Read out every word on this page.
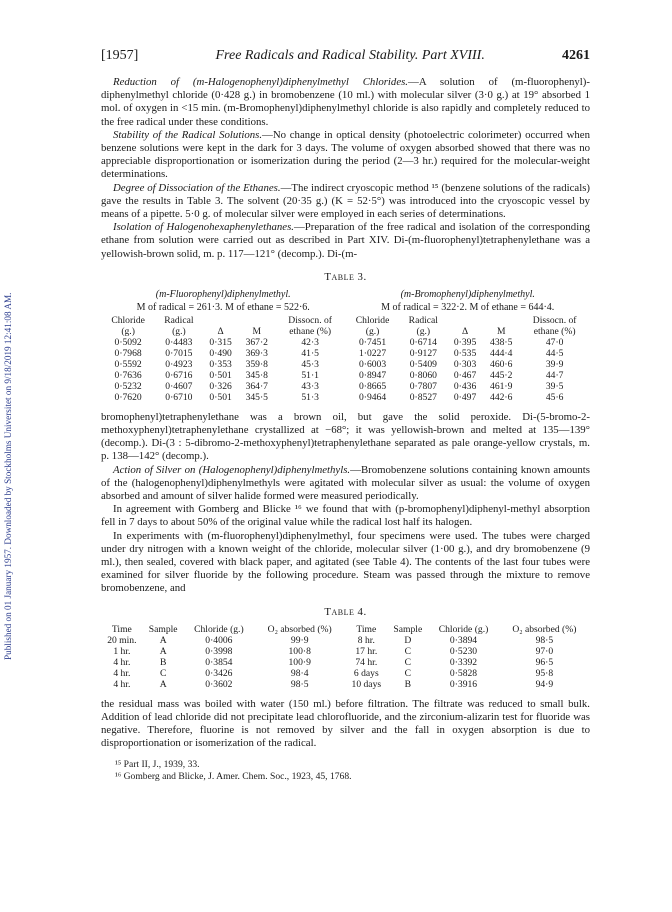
Published on 01 January 1957. Downloaded by Stockholms Universitet on 9/18/2019 12:41:08 AM.
[1957]	Free Radicals and Radical Stability. Part XVIII.	4261

Reduction of (m-Halogenophenyl)diphenylmethyl Chlorides.—A solution of (m-fluorophenyl)-diphenylmethyl chloride (0·428 g.) in bromobenzene (10 ml.) with molecular silver (3·0 g.) at 19° absorbed 1 mol. of oxygen in <15 min. (m-Bromophenyl)diphenylmethyl chloride is also rapidly and completely reduced to the free radical under these conditions.

Stability of the Radical Solutions.—No change in optical density (photoelectric colorimeter) occurred when benzene solutions were kept in the dark for 3 days. The volume of oxygen absorbed showed that there was no appreciable disproportionation or isomerization during the period (2—3 hr.) required for the molecular-weight determinations.

Degree of Dissociation of the Ethanes.—The indirect cryoscopic method ¹⁵ (benzene solutions of the radicals) gave the results in Table 3. The solvent (20·35 g.) (K = 52·5°) was introduced into the cryoscopic vessel by means of a pipette. 5·0 g. of molecular silver were employed in each series of determinations.

Isolation of Halogenohexaphenylethanes.—Preparation of the free radical and isolation of the corresponding ethane from solution were carried out as described in Part XIV. Di-(m-fluorophenyl)tetraphenylethane was a yellowish-brown solid, m. p. 117—121° (decomp.). Di-(m-

Table 3.
(m-Fluorophenyl)diphenylmethyl.					(m-Bromophenyl)diphenylmethyl.				
M of radical = 261·3. M of ethane = 522·6.					M of radical = 322·2. M of ethane = 644·4.				
Chloride	Radical			Dissocn. of	Chloride	Radical			Dissocn. of
(g.)	(g.)	Δ	M	ethane (%)	(g.)	(g.)	Δ	M	ethane (%)
0·5092	0·4483	0·315	367·2	42·3	0·7451	0·6714	0·395	438·5	47·0
0·7968	0·7015	0·490	369·3	41·5	1·0227	0·9127	0·535	444·4	44·5
0·5592	0·4923	0·353	359·8	45·3	0·6003	0·5409	0·303	460·6	39·9
0·7636	0·6716	0·501	345·8	51·1	0·8947	0·8060	0·467	445·2	44·7
0·5232	0·4607	0·326	364·7	43·3	0·8665	0·7807	0·436	461·9	39·5
0·7620	0·6710	0·501	345·5	51·3	0·9464	0·8527	0·497	442·6	45·6

bromophenyl)tetraphenylethane was a brown oil, but gave the solid peroxide. Di-(5-bromo-2-methoxyphenyl)tetraphenylethane crystallized at −68°; it was yellowish-brown and melted at 135—139° (decomp.). Di-(3 : 5-dibromo-2-methoxyphenyl)tetraphenylethane separated as pale orange-yellow crystals, m. p. 138—142° (decomp.).

Action of Silver on (Halogenophenyl)diphenylmethyls.—Bromobenzene solutions containing known amounts of the (halogenophenyl)diphenylmethyls were agitated with molecular silver as usual: the volume of oxygen absorbed and amount of silver halide formed were measured periodically.

In agreement with Gomberg and Blicke ¹⁶ we found that with (p-bromophenyl)diphenyl-methyl absorption fell in 7 days to about 50% of the original value while the radical lost half its halogen.

In experiments with (m-fluorophenyl)diphenylmethyl, four specimens were used. The tubes were charged under dry nitrogen with a known weight of the chloride, molecular silver (1·00 g.), and dry bromobenzene (9 ml.), then sealed, covered with black paper, and agitated (see Table 4). The contents of the last four tubes were examined for silver fluoride by the following procedure. Steam was passed through the mixture to remove bromobenzene, and

Table 4.
Time	Sample	Chloride (g.)	O₂ absorbed (%)	Time	Sample	Chloride (g.)	O₂ absorbed (%)
20 min.	A	0·4006	99·9	8 hr.	D	0·3894	98·5
1 hr.	A	0·3998	100·8	17 hr.	C	0·5230	97·0
4 hr.	B	0·3854	100·9	74 hr.	C	0·3392	96·5
4 hr.	C	0·3426	98·4	6 days	C	0·5828	95·8
4 hr.	A	0·3602	98·5	10 days	B	0·3916	94·9

the residual mass was boiled with water (150 ml.) before filtration. The filtrate was reduced to small bulk. Addition of lead chloride did not precipitate lead chlorofluoride, and the zirconium-alizarin test for fluoride was negative. Therefore, fluorine is not removed by silver and the fall in oxygen absorption is due to disproportionation or isomerization of the radical.

¹⁵ Part II, J., 1939, 33.
¹⁶ Gomberg and Blicke, J. Amer. Chem. Soc., 1923, 45, 1768.
